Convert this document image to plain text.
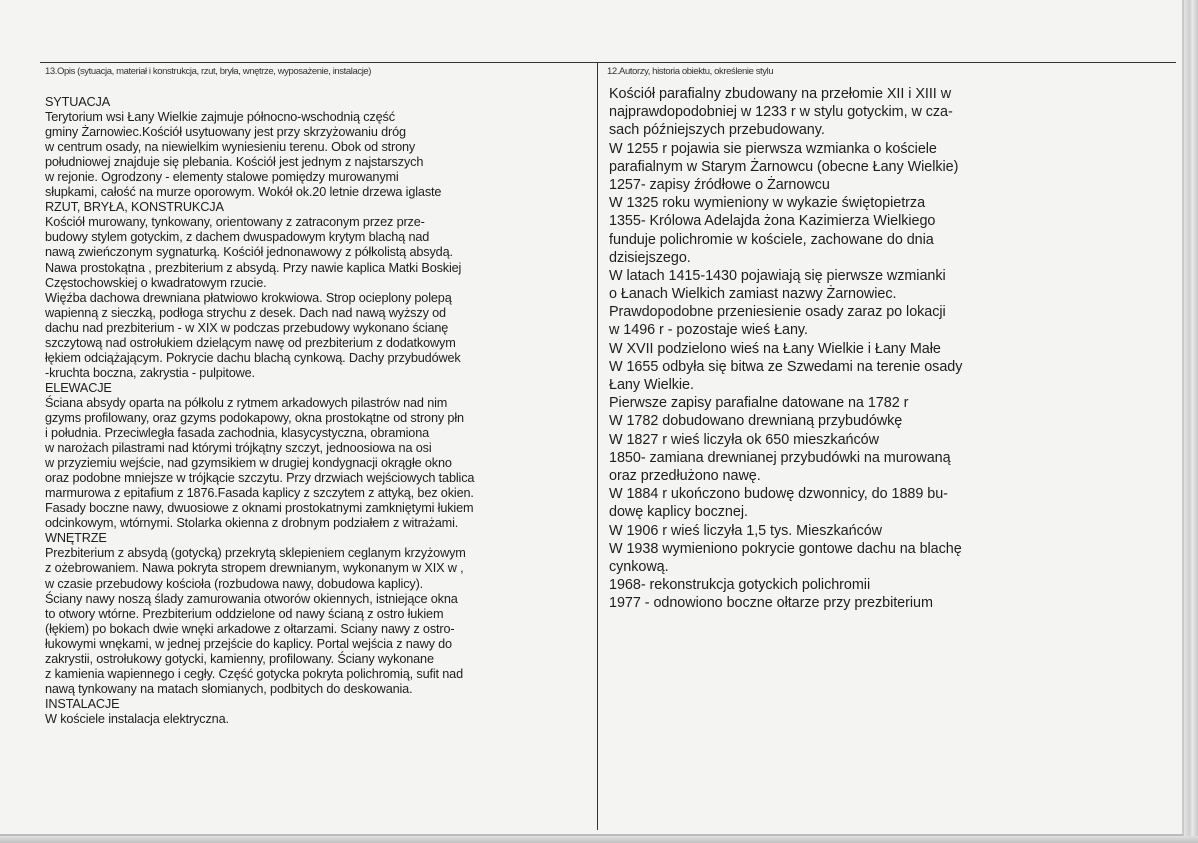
13.Opis (sytuacja, materiał i konstrukcja, rzut, bryła, wnętrze, wyposażenie, instalacje)	12.Autorzy, historia obiektu, określenie stylu
SYTUACJA
Terytorium wsi Łany Wielkie zajmuje północno-wschodnią część
gminy Żarnowiec.Kościół usytuowany jest przy skrzyżowaniu dróg
w centrum osady, na niewielkim wyniesieniu terenu. Obok od strony
południowej znajduje się plebania. Kościół jest jednym z najstarszych
w rejonie. Ogrodzony - elementy stalowe pomiędzy murowanymi
słupkami, całość na murze oporowym. Wokół ok.20 letnie drzewa iglaste
RZUT, BRYŁA, KONSTRUKCJA
Kościół murowany, tynkowany, orientowany z zatraconym przez prze-
budowy stylem gotyckim, z dachem dwuspadowym krytym blachą nad
nawą zwieńczonym sygnaturką. Kościół jednonawowy z półkolistą absydą.
Nawa prostokątna , prezbiterium z absydą. Przy nawie kaplica Matki Boskiej
Częstochowskiej o kwadratowym rzucie.
Więźba dachowa drewniana płatwiowo krokwiowa. Strop ocieplony polepą
wapienną z sieczką, podłoga strychu z desek. Dach nad nawą wyższy od
dachu nad prezbiterium - w XIX w podczas przebudowy wykonano ścianę
szczytową nad ostrołukiem dzielącym nawę od prezbiterium z dodatkowym
łękiem odciążającym. Pokrycie dachu blachą cynkową. Dachy przybudówek
-kruchta boczna, zakrystia - pulpitowe.
ELEWACJE
Ściana absydy oparta na półkolu z rytmem arkadowych pilastrów nad nim
gzyms profilowany, oraz gzyms podokapowy, okna prostokątne od strony płn
i południa. Przeciwległa fasada zachodnia, klasycystyczna, obramiona
w narożach pilastrami nad którymi trójkątny szczyt, jednoosiowa na osi
w przyziemiu wejście, nad gzymsikiem w drugiej kondygnacji okrągłe okno
oraz podobne mniejsze w trójkącie szczytu. Przy drzwiach wejściowych tablica
marmurowa z epitafium z 1876.Fasada kaplicy z szczytem z attyką, bez okien.
Fasady boczne nawy, dwuosiowe z oknami prostokatnymi zamkniętymi łukiem
odcinkowym, wtórnymi. Stolarka okienna z drobnym podziałem z witrażami.
WNĘTRZE
Prezbiterium z absydą (gotycką) przekrytą sklepieniem ceglanym krzyżowym
z ożebrowaniem. Nawa pokryta stropem drewnianym, wykonanym w XIX w ,
w czasie przebudowy kościoła (rozbudowa nawy, dobudowa kaplicy).
Ściany nawy noszą ślady zamurowania otworów okiennych, istniejące okna
to otwory wtórne. Prezbiterium oddzielone od nawy ścianą z ostro łukiem
(łękiem) po bokach dwie wnęki arkadowe z ołtarzami. Sciany nawy z ostro-
łukowymi wnękami, w jednej przejście do kaplicy. Portal wejścia z nawy do
zakrystii, ostrołukowy gotycki, kamienny, profilowany. Ściany wykonane
z kamienia wapiennego i cegły. Część gotycka pokryta polichromią, sufit nad
nawą tynkowany na matach słomianych, podbitych do deskowania.
INSTALACJE
W kościele instalacja elektryczna.
Kościół parafialny zbudowany na przełomie XII i XIII w
najprawdopodobniej w 1233 r w stylu gotyckim, w cza-
sach późniejszych przebudowany.
W 1255 r pojawia sie pierwsza wzmianka o kościele
parafialnym w Starym Żarnowcu (obecne Łany Wielkie)
1257- zapisy źródłowe o Żarnowcu
W 1325 roku wymieniony w wykazie świętopietrza
1355- Królowa Adelajda żona Kazimierza Wielkiego
funduje polichromie w kościele, zachowane do dnia
dzisiejszego.
W latach 1415-1430 pojawiają się pierwsze wzmianki
o Łanach Wielkich zamiast nazwy Żarnowiec.
Prawdopodobne przeniesienie osady zaraz po lokacji
w 1496 r - pozostaje wieś Łany.
W XVII podzielono wieś na Łany Wielkie i Łany Małe
W 1655 odbyła się bitwa ze Szwedami na terenie osady
Łany Wielkie.
Pierwsze zapisy parafialne datowane na 1782 r
W 1782 dobudowano drewnianą przybudówkę
W 1827 r wieś liczyła ok 650 mieszkańców
1850- zamiana drewnianej przybudówki na murowaną
oraz przedłużono nawę.
W 1884 r ukończono budowę dzwonnicy, do 1889 bu-
dowę kaplicy bocznej.
W 1906 r wieś liczyła 1,5 tys. Mieszkańców
W 1938 wymieniono pokrycie gontowe dachu na blachę
cynkową.
1968- rekonstrukcja gotyckich polichromii
1977 - odnowiono boczne ołtarze przy prezbiterium
